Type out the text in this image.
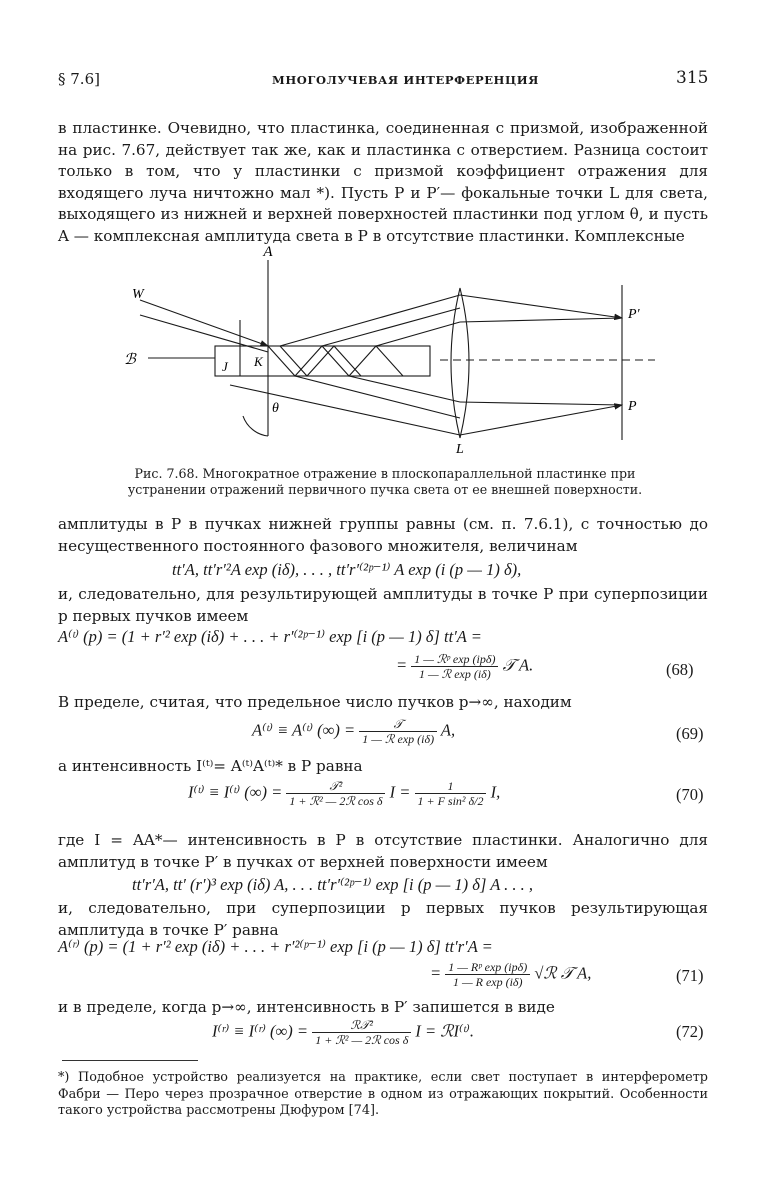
§ 7.6]	МНОГОЛУЧЕВАЯ ИНТЕРФЕРЕНЦИЯ	315
в пластинке. Очевидно, что пластинка, соединенная с призмой, изображенной на рис. 7.67, действует так же, как и пластинка с отверстием. Разница состоит только в том, что у пластинки с призмой коэффициент отражения для входящего луча ничтожно мал *). Пусть P и P′— фокальные точки L для света, выходящего из нижней и верхней поверхностей пластинки под углом θ, и пусть A — комплексная амплитуда света в P в отсутствие пластинки. Комплексные
A
W
ℬ	J K
θ
L
P′
P
Рис. 7.68. Многократное отражение в плоскопараллельной пластинке при устранении отражений первичного пучка света от ее внешней поверхности.
амплитуды в P в пучках нижней группы равны (см. п. 7.6.1), с точностью до несущественного постоянного фазового множителя, величинам
tt′A, tt′r′²A exp (iδ), . . . , tt′r′⁽²ᵖ⁻¹⁾ A exp (i (p — 1) δ),
и, следовательно, для результирующей амплитуды в точке P при суперпозиции p первых пучков имеем
A⁽ᵗ⁾ (p) = (1 + r′² exp (iδ) + . . . + r′⁽²ᵖ⁻¹⁾ exp [i (p — 1) δ] tt′A =
= $\frac{\text{1 — ℛᵖ exp (ipδ)}}{\text{1 — ℛ exp (iδ)}}$ 𝒯 A.	(68)
В пределе, считая, что предельное число пучков p→∞, находим
A⁽ᵗ⁾ ≡ A⁽ᵗ⁾ (∞) = $\frac{\text{𝒯}}{\text{1 — ℛ exp (iδ)}} A$,	(69)
а интенсивность I⁽ᵗ⁾= A⁽ᵗ⁾A⁽ᵗ⁾* в P равна
I⁽ᵗ⁾ ≡ I⁽ᵗ⁾ (∞) = $\frac{\text{𝒯²}}{\text{1 + ℛ² — 2ℛ cos δ}}$ $I = \frac{1}{\text{1 + F sin² δ/2}} I$,	(70)
где I = AA*— интенсивность в P в отсутствие пластинки. Аналогично для амплитуд в точке P′ в пучках от верхней поверхности имеем
tt′r′A, tt′ (r′)³ exp (iδ) A, . . . tt′r′⁽²ᵖ⁻¹⁾ exp [i (p — 1) δ] A . . . ,
и, следовательно, при суперпозиции p первых пучков результирующая амплитуда в точке P′ равна
A⁽ʳ⁾ (p) = (1 + r′² exp (iδ) + . . . + r′²⁽ᵖ⁻¹⁾ exp [i (p — 1) δ] tt′r′A =
= $\frac{\text{1 — Rᵖ exp (ipδ)}}{\text{1 — R exp (iδ)}}$ √ℛ 𝒯 A,	(71)
и в пределе, когда p→∞, интенсивность в P′ запишется в виде
I⁽ʳ⁾ ≡ I⁽ʳ⁾ (∞) = $\frac{\text{ℛ𝒯²}}{\text{1 + ℛ² — 2ℛ cos δ}}$ I = ℛI⁽ᵗ⁾.	(72)
*) Подобное устройство реализуется на практике, если свет поступает в интерферометр Фабри — Перо через прозрачное отверстие в одном из отражающих покрытий. Особенности такого устройства рассмотрены Дюфуром [74].
